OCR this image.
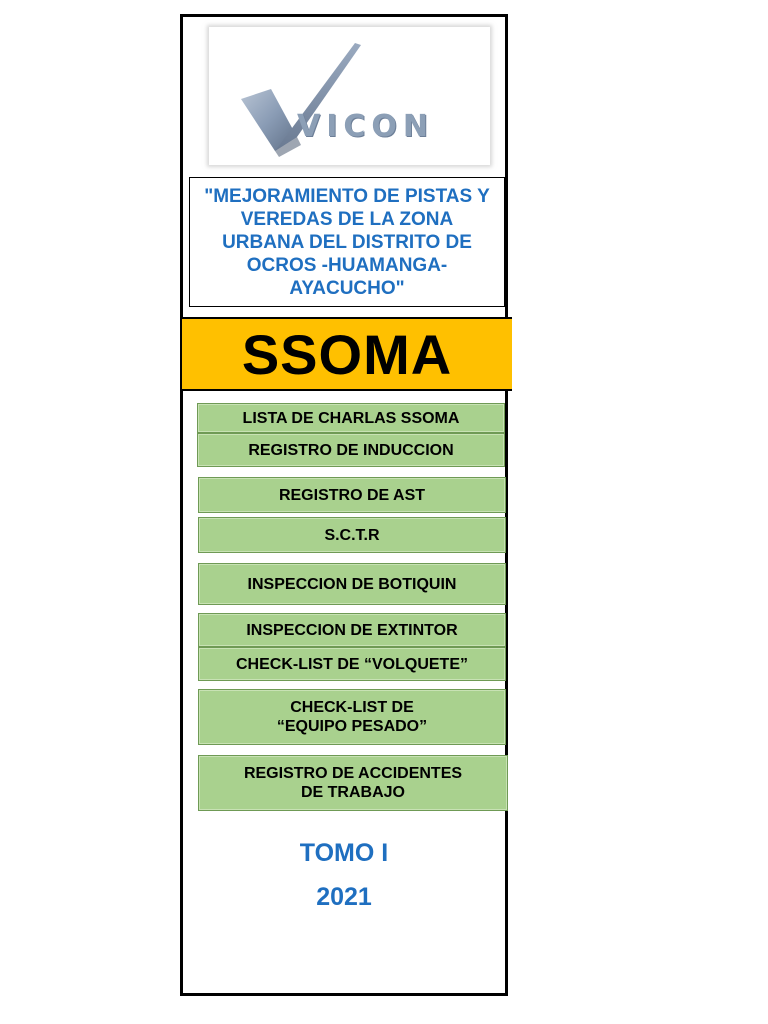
VICON
"MEJORAMIENTO DE PISTAS Y VEREDAS DE LA ZONA URBANA DEL DISTRITO DE OCROS -HUAMANGA- AYACUCHO"
SSOMA
LISTA DE CHARLAS SSOMA
REGISTRO DE INDUCCION
REGISTRO DE AST
S.C.T.R
INSPECCION DE BOTIQUIN
INSPECCION DE EXTINTOR
CHECK-LIST DE “VOLQUETE”
CHECK-LIST DE
“EQUIPO PESADO”
REGISTRO DE ACCIDENTES
DE TRABAJO
TOMO I
2021
